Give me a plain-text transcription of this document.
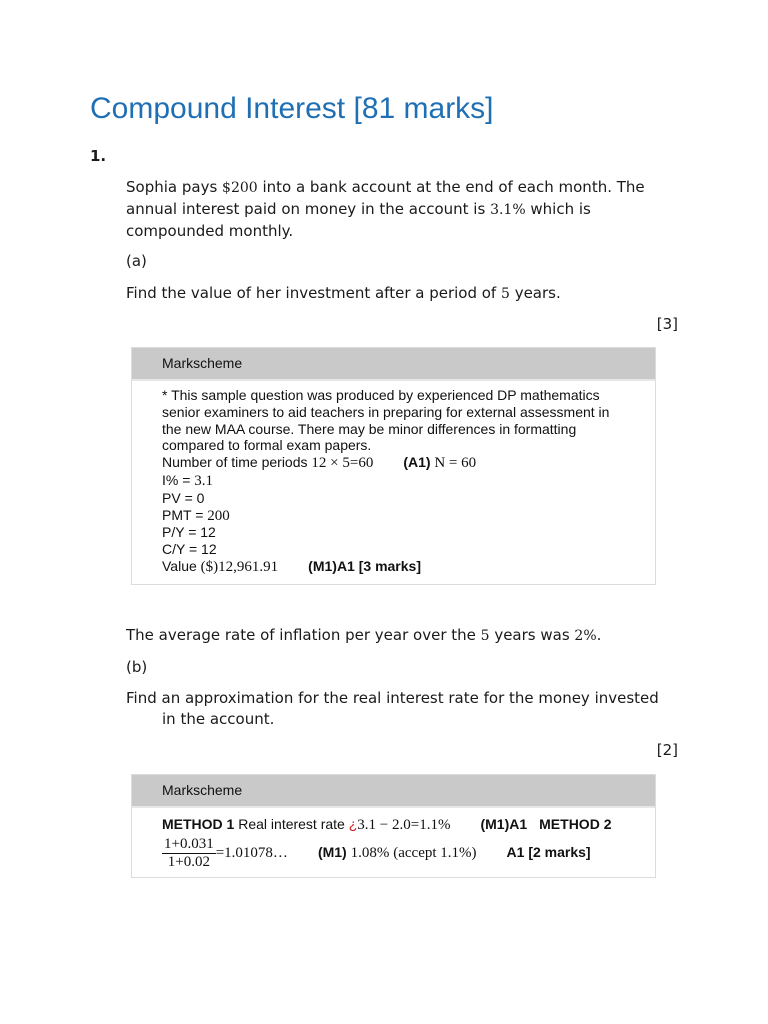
Compound Interest [81 marks]
1.

Sophia pays $200 into a bank account at the end of each month. The
annual interest paid on money in the account is 3.1% which is
compounded monthly.

(a)

Find the value of her investment after a period of 5 years.

[3]
Markscheme
* This sample question was produced by experienced DP mathematics
senior examiners to aid teachers in preparing for external assessment in
the new MAA course. There may be minor differences in formatting
compared to formal exam papers.
Number of time periods 12 × 5=60 (A1) N = 60
I% = 3.1
PV = 0
PMT = 200
P/Y = 12
C/Y = 12
Value ($)12,961.91 (M1)A1 [3 marks]

The average rate of inflation per year over the 5 years was 2%.

(b)

Find an approximation for the real interest rate for the money invested
in the account.

[2]
Markscheme
METHOD 1 Real interest rate ¿3.1 − 2.0=1.1% (M1)A1 METHOD 2
$\frac{1+0.031}{1+0.02}$ =1.01078… (M1) 1.08% (accept 1.1%) A1 [2 marks]
